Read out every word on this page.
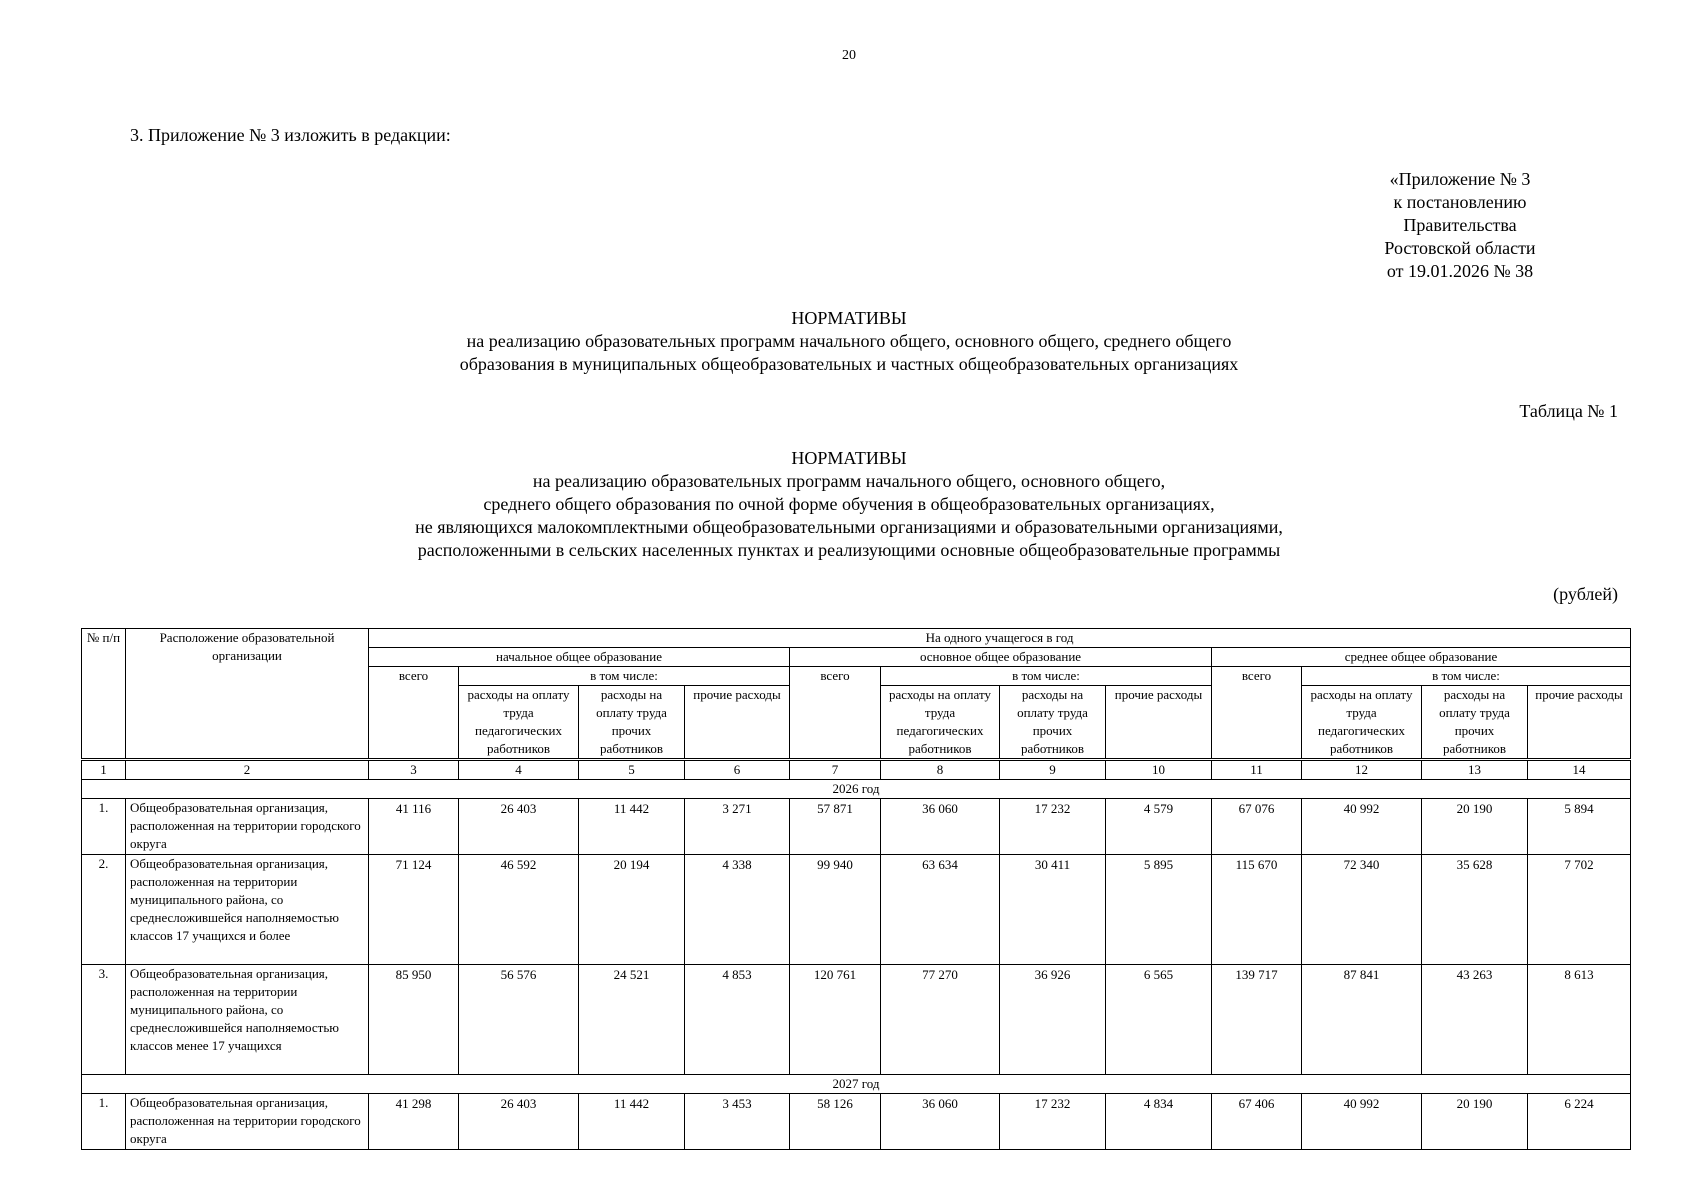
20
3. Приложение № 3 изложить в редакции:
«Приложение № 3
к постановлению
Правительства
Ростовской области
от 19.01.2026 № 38
НОРМАТИВЫ
на реализацию образовательных программ начального общего, основного общего, среднего общего
образования в муниципальных общеобразовательных и частных общеобразовательных организациях
Таблица № 1
НОРМАТИВЫ
на реализацию образовательных программ начального общего, основного общего,
среднего общего образования по очной форме обучения в общеобразовательных организациях,
не являющихся малокомплектными общеобразовательными организациями и образовательными организациями,
расположенными в сельских населенных пунктах и реализующими основные общеобразовательные программы
(рублей)
№ п/п	Расположение образовательной организации	На одного учащегося в год											
		начальное общее образование				основное общее образование				среднее общее образование			
		всего	в том числе:			всего	в том числе:			всего	в том числе:		
			расходы на оплату труда педагогических работников	расходы на оплату труда прочих работников	прочие расходы		расходы на оплату труда педагогических работников	расходы на оплату труда прочих работников	прочие расходы		расходы на оплату труда педагогических работников	расходы на оплату труда прочих работников	прочие расходы
1	2	3	4	5	6	7	8	9	10	11	12	13	14
2026 год													
1.	Общеобразовательная организация, расположенная на территории городского округа	41 116	26 403	11 442	3 271	57 871	36 060	17 232	4 579	67 076	40 992	20 190	5 894
2.	Общеобразовательная организация, расположенная на территории муниципального района, со среднесложившейся наполняемостью классов 17 учащихся и более	71 124	46 592	20 194	4 338	99 940	63 634	30 411	5 895	115 670	72 340	35 628	7 702
3.	Общеобразовательная организация, расположенная на территории муниципального района, со среднесложившейся наполняемостью классов менее 17 учащихся	85 950	56 576	24 521	4 853	120 761	77 270	36 926	6 565	139 717	87 841	43 263	8 613
2027 год													
1.	Общеобразовательная организация, расположенная на территории городского округа	41 298	26 403	11 442	3 453	58 126	36 060	17 232	4 834	67 406	40 992	20 190	6 224
